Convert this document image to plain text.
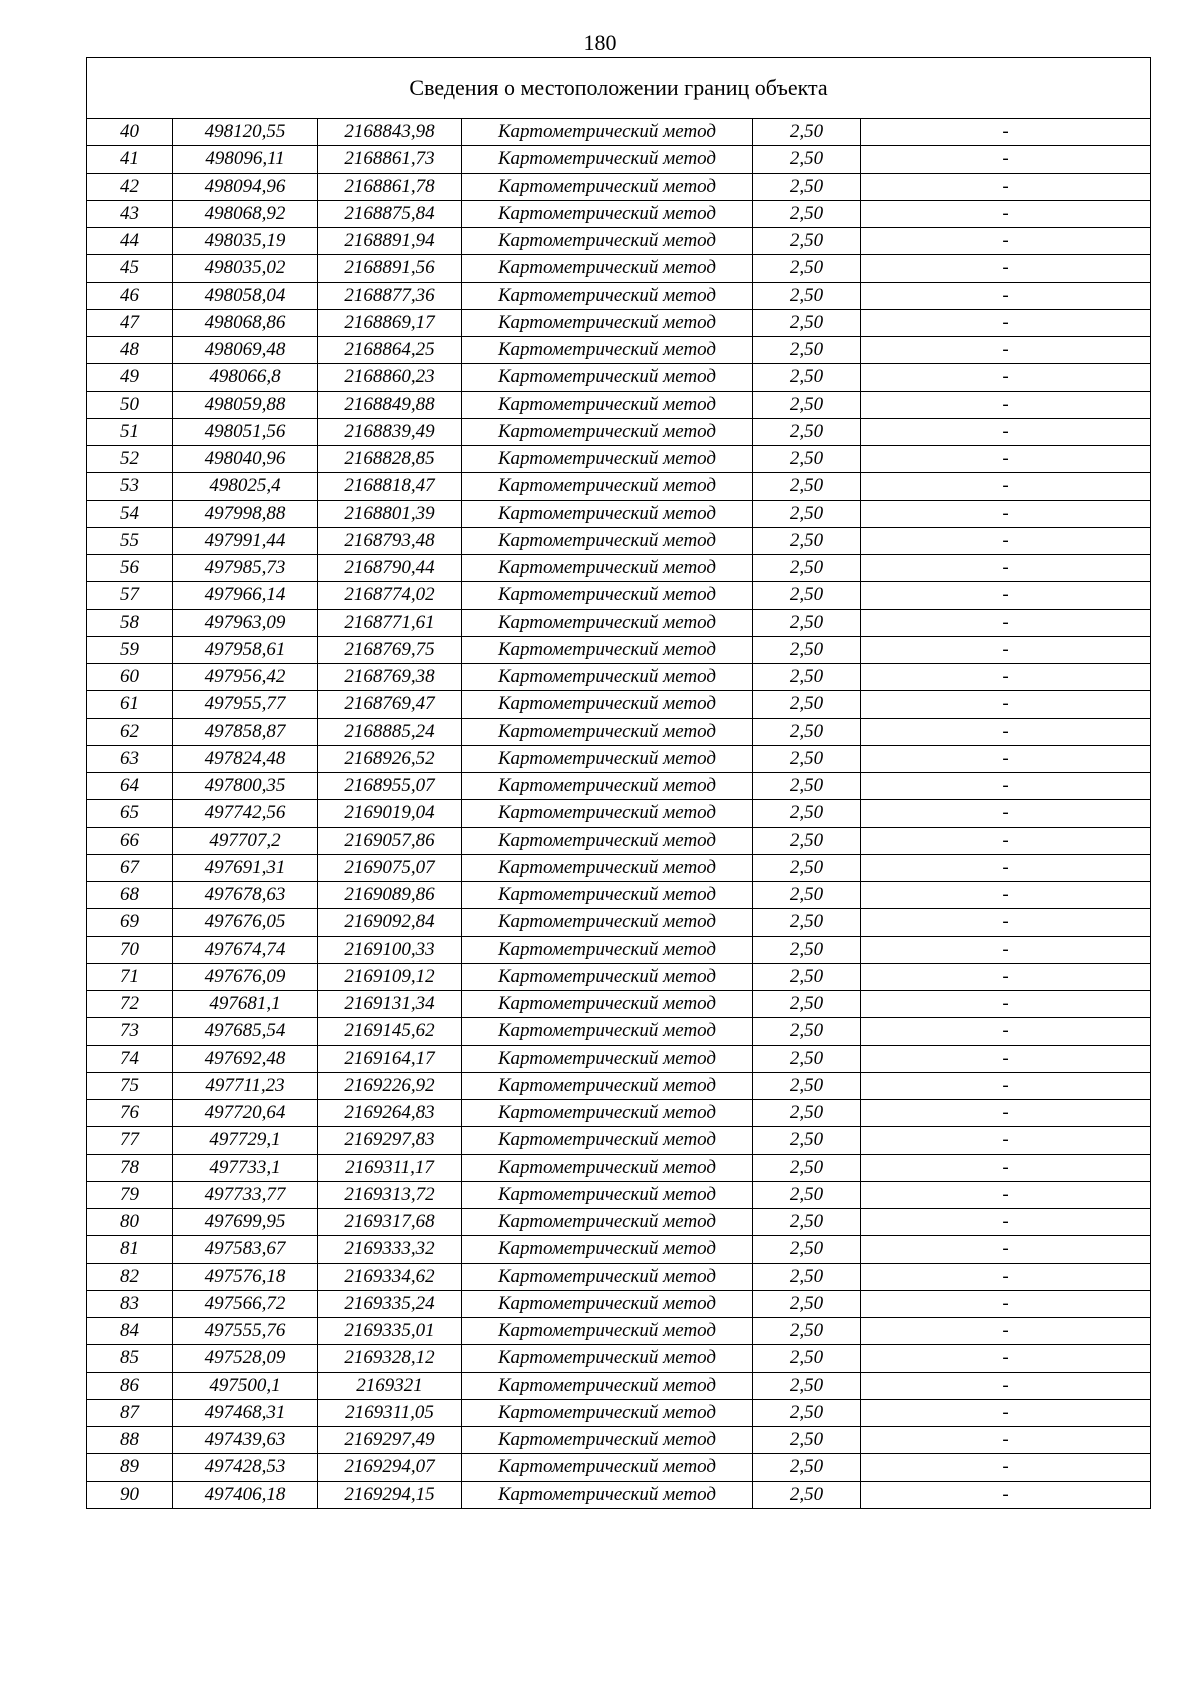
180
Сведения о местоположении границ объекта					
40	498120,55	2168843,98	Картометрический метод	2,50	-
41	498096,11	2168861,73	Картометрический метод	2,50	-
42	498094,96	2168861,78	Картометрический метод	2,50	-
43	498068,92	2168875,84	Картометрический метод	2,50	-
44	498035,19	2168891,94	Картометрический метод	2,50	-
45	498035,02	2168891,56	Картометрический метод	2,50	-
46	498058,04	2168877,36	Картометрический метод	2,50	-
47	498068,86	2168869,17	Картометрический метод	2,50	-
48	498069,48	2168864,25	Картометрический метод	2,50	-
49	498066,8	2168860,23	Картометрический метод	2,50	-
50	498059,88	2168849,88	Картометрический метод	2,50	-
51	498051,56	2168839,49	Картометрический метод	2,50	-
52	498040,96	2168828,85	Картометрический метод	2,50	-
53	498025,4	2168818,47	Картометрический метод	2,50	-
54	497998,88	2168801,39	Картометрический метод	2,50	-
55	497991,44	2168793,48	Картометрический метод	2,50	-
56	497985,73	2168790,44	Картометрический метод	2,50	-
57	497966,14	2168774,02	Картометрический метод	2,50	-
58	497963,09	2168771,61	Картометрический метод	2,50	-
59	497958,61	2168769,75	Картометрический метод	2,50	-
60	497956,42	2168769,38	Картометрический метод	2,50	-
61	497955,77	2168769,47	Картометрический метод	2,50	-
62	497858,87	2168885,24	Картометрический метод	2,50	-
63	497824,48	2168926,52	Картометрический метод	2,50	-
64	497800,35	2168955,07	Картометрический метод	2,50	-
65	497742,56	2169019,04	Картометрический метод	2,50	-
66	497707,2	2169057,86	Картометрический метод	2,50	-
67	497691,31	2169075,07	Картометрический метод	2,50	-
68	497678,63	2169089,86	Картометрический метод	2,50	-
69	497676,05	2169092,84	Картометрический метод	2,50	-
70	497674,74	2169100,33	Картометрический метод	2,50	-
71	497676,09	2169109,12	Картометрический метод	2,50	-
72	497681,1	2169131,34	Картометрический метод	2,50	-
73	497685,54	2169145,62	Картометрический метод	2,50	-
74	497692,48	2169164,17	Картометрический метод	2,50	-
75	497711,23	2169226,92	Картометрический метод	2,50	-
76	497720,64	2169264,83	Картометрический метод	2,50	-
77	497729,1	2169297,83	Картометрический метод	2,50	-
78	497733,1	2169311,17	Картометрический метод	2,50	-
79	497733,77	2169313,72	Картометрический метод	2,50	-
80	497699,95	2169317,68	Картометрический метод	2,50	-
81	497583,67	2169333,32	Картометрический метод	2,50	-
82	497576,18	2169334,62	Картометрический метод	2,50	-
83	497566,72	2169335,24	Картометрический метод	2,50	-
84	497555,76	2169335,01	Картометрический метод	2,50	-
85	497528,09	2169328,12	Картометрический метод	2,50	-
86	497500,1	2169321	Картометрический метод	2,50	-
87	497468,31	2169311,05	Картометрический метод	2,50	-
88	497439,63	2169297,49	Картометрический метод	2,50	-
89	497428,53	2169294,07	Картометрический метод	2,50	-
90	497406,18	2169294,15	Картометрический метод	2,50	-
